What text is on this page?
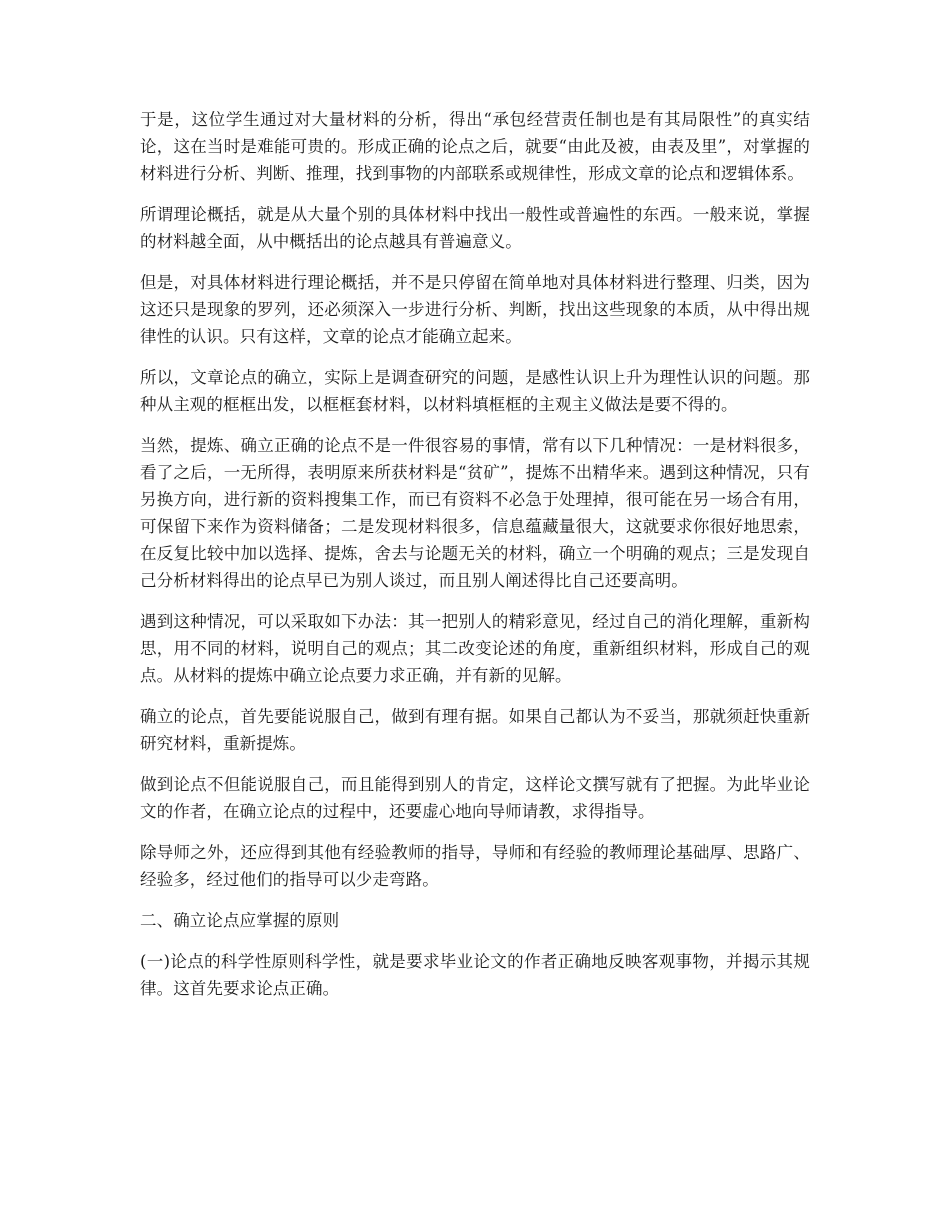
于是，这位学生通过对大量材料的分析，得出“承包经营责任制也是有其局限性”的真实结论，这在当时是难能可贵的。形成正确的论点之后，就要“由此及被，由表及里”，对掌握的材料进行分析、判断、推理，找到事物的内部联系或规律性，形成文章的论点和逻辑体系。

所谓理论概括，就是从大量个别的具体材料中找出一般性或普遍性的东西。一般来说，掌握的材料越全面，从中概括出的论点越具有普遍意义。

但是，对具体材料进行理论概括，并不是只停留在简单地对具体材料进行整理、归类，因为这还只是现象的罗列，还必须深入一步进行分析、判断，找出这些现象的本质，从中得出规律性的认识。只有这样，文章的论点才能确立起来。

所以，文章论点的确立，实际上是调查研究的问题，是感性认识上升为理性认识的问题。那种从主观的框框出发，以框框套材料，以材料填框框的主观主义做法是要不得的。

当然，提炼、确立正确的论点不是一件很容易的事情，常有以下几种情况：一是材料很多，看了之后，一无所得，表明原来所获材料是“贫矿”，提炼不出精华来。遇到这种情况，只有另换方向，进行新的资料搜集工作，而已有资料不必急于处理掉，很可能在另一场合有用，可保留下来作为资料储备；二是发现材料很多，信息蕴藏量很大，这就要求你很好地思索，在反复比较中加以选择、提炼，舍去与论题无关的材料，确立一个明确的观点；三是发现自己分析材料得出的论点早已为别人谈过，而且别人阐述得比自己还要高明。

遇到这种情况，可以采取如下办法：其一把别人的精彩意见，经过自己的消化理解，重新构思，用不同的材料，说明自己的观点；其二改变论述的角度，重新组织材料，形成自己的观点。从材料的提炼中确立论点要力求正确，并有新的见解。

确立的论点，首先要能说服自己，做到有理有据。如果自己都认为不妥当，那就须赶快重新研究材料，重新提炼。

做到论点不但能说服自己，而且能得到别人的肯定，这样论文撰写就有了把握。为此毕业论文的作者，在确立论点的过程中，还要虚心地向导师请教，求得指导。

除导师之外，还应得到其他有经验教师的指导，导师和有经验的教师理论基础厚、思路广、经验多，经过他们的指导可以少走弯路。

二、确立论点应掌握的原则

(一)论点的科学性原则科学性，就是要求毕业论文的作者正确地反映客观事物，并揭示其规律。这首先要求论点正确。
